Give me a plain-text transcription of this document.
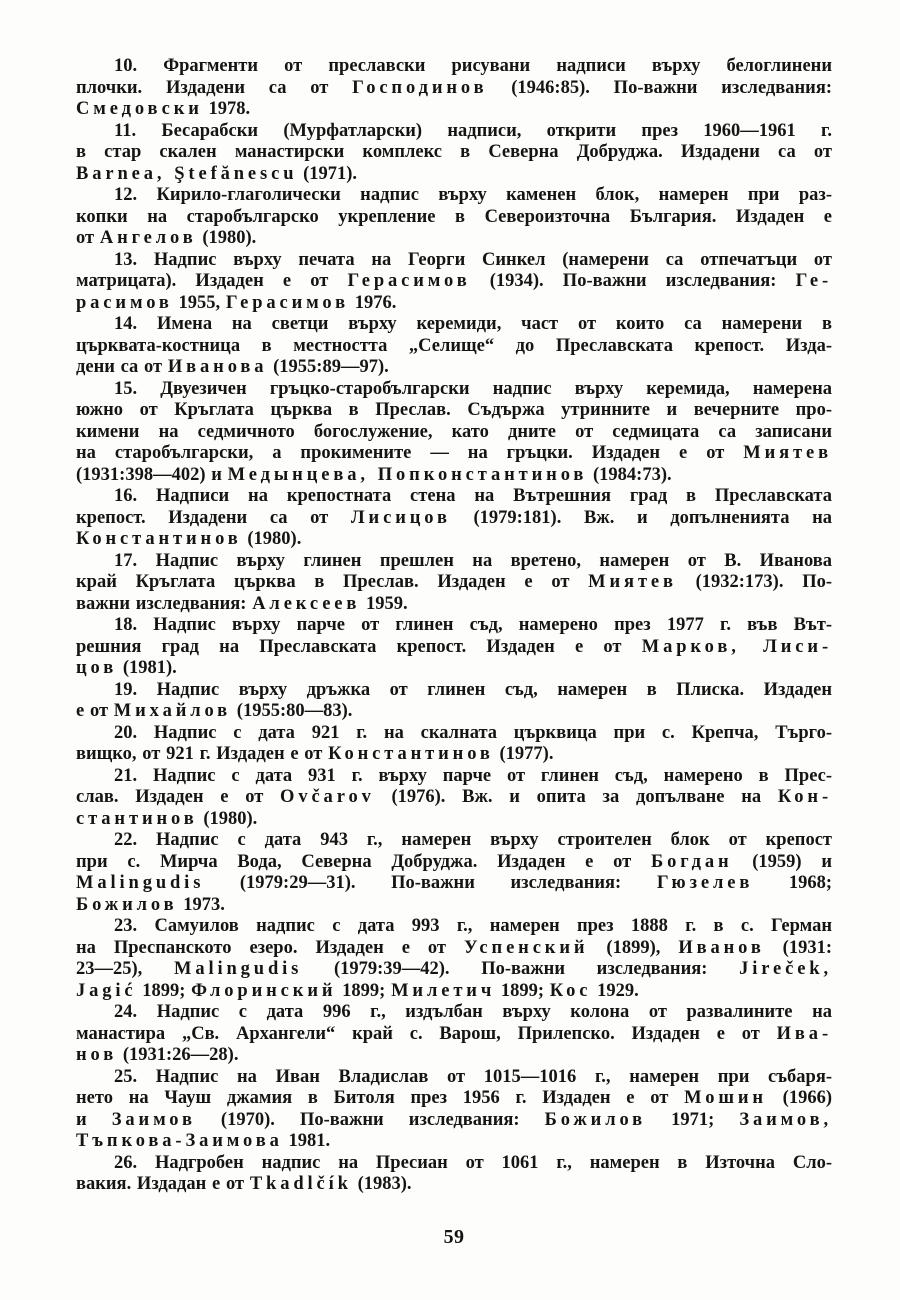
10. Фрагменти от преславски рисувани надписи върху белоглинени
плочки. Издадени са от Господинов (1946:85). По-важни изследвания:
Смедовски 1978.
11. Бесарабски (Мурфатларски) надписи, открити през 1960—1961 г.
в стар скален манастирски комплекс в Северна Добруджа. Издадени са от
Barnea, Ştefănescu (1971).
12. Кирило-глаголически надпис върху каменен блок, намерен при раз-
копки на старобългарско укрепление в Североизточна България. Издаден е
от Ангелов (1980).
13. Надпис върху печата на Георги Синкел (намерени са отпечатъци от
матрицата). Издаден е от Герасимов (1934). По-важни изследвания: Ге-
расимов 1955, Герасимов 1976.
14. Имена на светци върху керемиди, част от които са намерени в
църквата-костница в местността „Селище“ до Преславската крепост. Изда-
дени са от Иванова (1955:89—97).
15. Двуезичен гръцко-старобългарски надпис върху керемида, намерена
южно от Кръглата църква в Преслав. Съдържа утринните и вечерните про-
кимени на седмичното богослужение, като дните от седмицата са записани
на старобългарски, а прокимените — на гръцки. Издаден е от Миятев
(1931:398—402) и Медынцева, Попконстантинов (1984:73).
16. Надписи на крепостната стена на Вътрешния град в Преславската
крепост. Издадени са от Лисицов (1979:181). Вж. и допълненията на
Константинов (1980).
17. Надпис върху глинен прешлен на вретено, намерен от В. Иванова
край Кръглата църква в Преслав. Издаден е от Миятев (1932:173). По-
важни изследвания: Алексеев 1959.
18. Надпис върху парче от глинен съд, намерено през 1977 г. във Вът-
решния град на Преславската крепост. Издаден е от Марков, Лиси-
цов (1981).
19. Надпис върху дръжка от глинен съд, намерен в Плиска. Издаден
е от Михайлов (1955:80—83).
20. Надпис с дата 921 г. на скалната църквица при с. Крепча, Търго-
вищко, от 921 г. Издаден е от Константинов (1977).
21. Надпис с дата 931 г. върху парче от глинен съд, намерено в Прес-
слав. Издаден е от Ovčarov (1976). Вж. и опита за допълване на Кон-
стантинов (1980).
22. Надпис с дата 943 г., намерен върху строителен блок от крепост
при с. Мирча Вода, Северна Добруджа. Издаден е от Богдан (1959) и
Malingudis (1979:29—31). По-важни изследвания: Гюзелев 1968;
Божилов 1973.
23. Самуилов надпис с дата 993 г., намерен през 1888 г. в с. Герман
на Преспанското езеро. Издаден е от Успенский (1899), Иванов (1931:
23—25), Malingudis (1979:39—42). По-важни изследвания: Jireček,
Jagić 1899; Флоринский 1899; Милетич 1899; Кос 1929.
24. Надпис с дата 996 г., издълбан върху колона от развалините на
манастира „Св. Архангели“ край с. Варош, Прилепско. Издаден е от Ива-
нов (1931:26—28).
25. Надпис на Иван Владислав от 1015—1016 г., намерен при събаря-
нето на Чауш джамия в Битоля през 1956 г. Издаден е от Мошин (1966)
и Заимов (1970). По-важни изследвания: Божилов 1971; Заимов,
Тъпкова-Заимова 1981.
26. Надгробен надпис на Пресиан от 1061 г., намерен в Източна Сло-
вакия. Издадан е от Tkadlčík (1983).
59
